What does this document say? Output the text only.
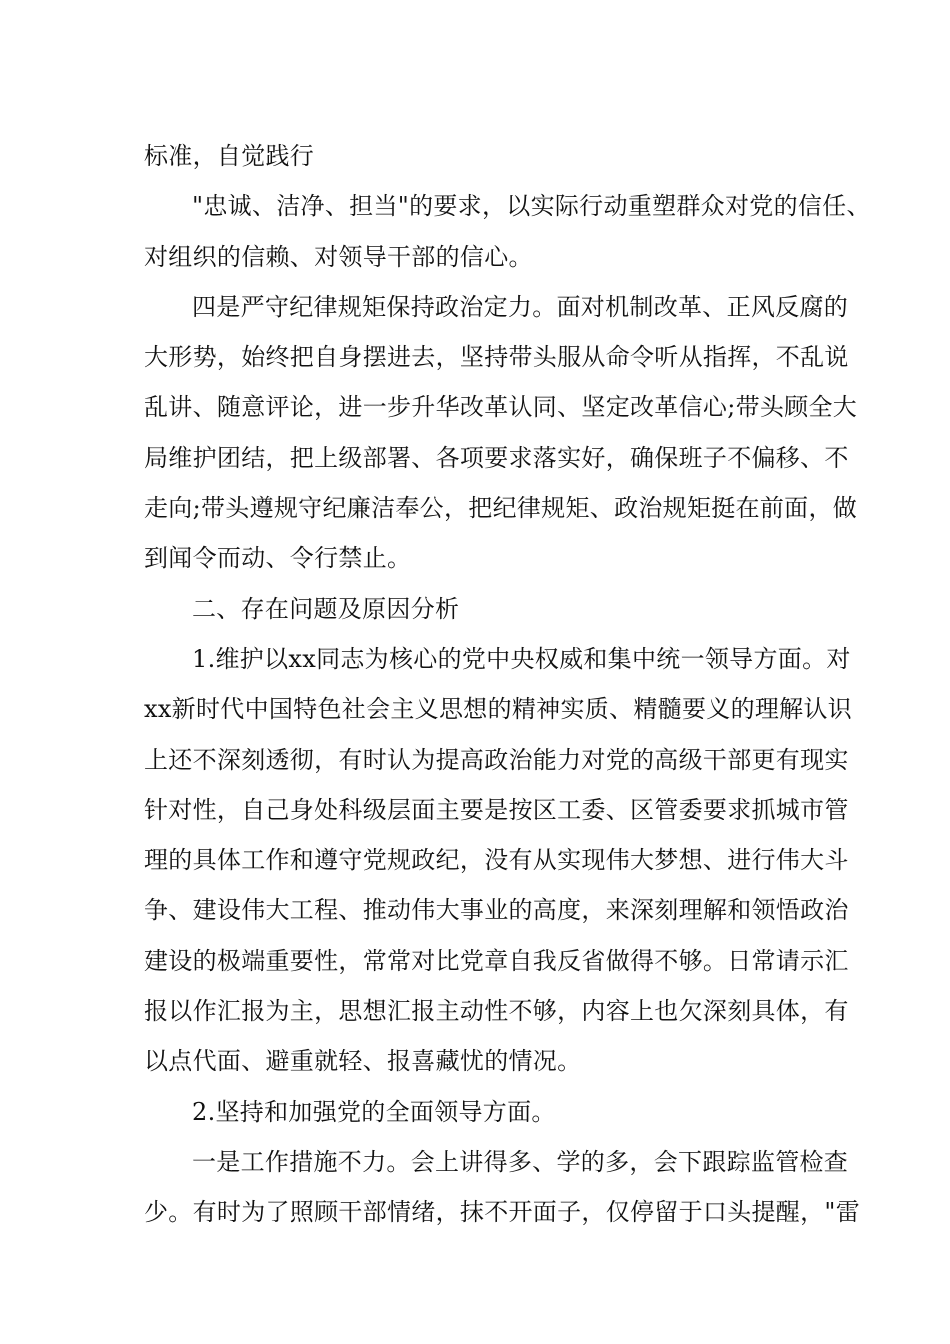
标准，自觉践行
"忠诚、洁净、担当"的要求，以实际行动重塑群众对党的信任、
对组织的信赖、对领导干部的信心。
四是严守纪律规矩保持政治定力。面对机制改革、正风反腐的
大形势，始终把自身摆进去，坚持带头服从命令听从指挥，不乱说
乱讲、随意评论，进一步升华改革认同、坚定改革信心;带头顾全大
局维护团结，把上级部署、各项要求落实好，确保班子不偏移、不
走向;带头遵规守纪廉洁奉公，把纪律规矩、政治规矩挺在前面，做
到闻令而动、令行禁止。
二、存在问题及原因分析
1.维护以xx同志为核心的党中央权威和集中统一领导方面。对
xx新时代中国特色社会主义思想的精神实质、精髓要义的理解认识
上还不深刻透彻，有时认为提高政治能力对党的高级干部更有现实
针对性，自己身处科级层面主要是按区工委、区管委要求抓城市管
理的具体工作和遵守党规政纪，没有从实现伟大梦想、进行伟大斗
争、建设伟大工程、推动伟大事业的高度，来深刻理解和领悟政治
建设的极端重要性，常常对比党章自我反省做得不够。日常请示汇
报以作汇报为主，思想汇报主动性不够，内容上也欠深刻具体，有
以点代面、避重就轻、报喜藏忧的情况。
2.坚持和加强党的全面领导方面。
一是工作措施不力。会上讲得多、学的多，会下跟踪监管检查
少。有时为了照顾干部情绪，抹不开面子，仅停留于口头提醒，"雷
